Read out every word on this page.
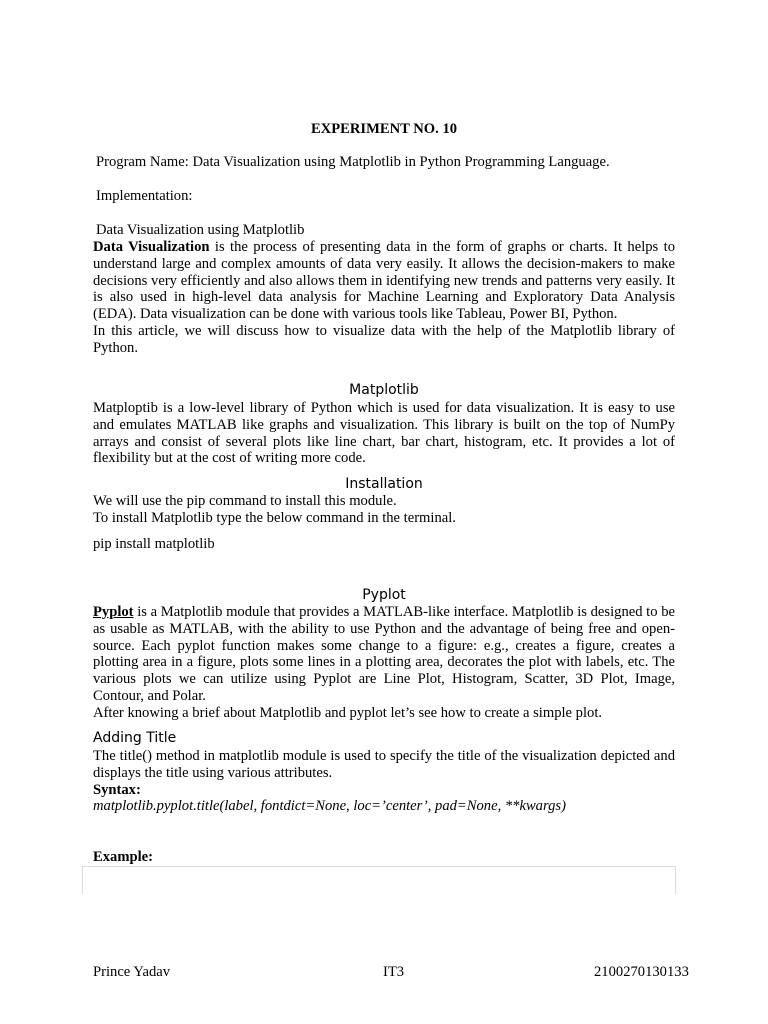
EXPERIMENT NO. 10
Program Name: Data Visualization using Matplotlib in Python Programming Language.
Implementation:
Data Visualization using Matplotlib

Data Visualization is the process of presenting data in the form of graphs or charts. It helps to understand large and complex amounts of data very easily. It allows the decision-makers to make decisions very efficiently and also allows them in identifying new trends and patterns very easily. It is also used in high-level data analysis for Machine Learning and Exploratory Data Analysis (EDA). Data visualization can be done with various tools like Tableau, Power BI, Python.

In this article, we will discuss how to visualize data with the help of the Matplotlib library of Python.

Matplotlib
Matploptib is a low-level library of Python which is used for data visualization. It is easy to use and emulates MATLAB like graphs and visualization. This library is built on the top of NumPy arrays and consist of several plots like line chart, bar chart, histogram, etc. It provides a lot of flexibility but at the cost of writing more code.
Installation

We will use the pip command to install this module.

To install Matplotlib type the below command in the terminal.

pip install matplotlib
Pyplot

Pyplot is a Matplotlib module that provides a MATLAB-like interface. Matplotlib is designed to be as usable as MATLAB, with the ability to use Python and the advantage of being free and open-source. Each pyplot function makes some change to a figure: e.g., creates a figure, creates a plotting area in a figure, plots some lines in a plotting area, decorates the plot with labels, etc. The various plots we can utilize using Pyplot are Line Plot, Histogram, Scatter, 3D Plot, Image, Contour, and Polar.

After knowing a brief about Matplotlib and pyplot let’s see how to create a simple plot.

Adding Title

The title() method in matplotlib module is used to specify the title of the visualization depicted and displays the title using various attributes.

Syntax:

matplotlib.pyplot.title(label, fontdict=None, loc=’center’, pad=None, **kwargs)

Example:
Prince Yadav	IT3	2100270130133
